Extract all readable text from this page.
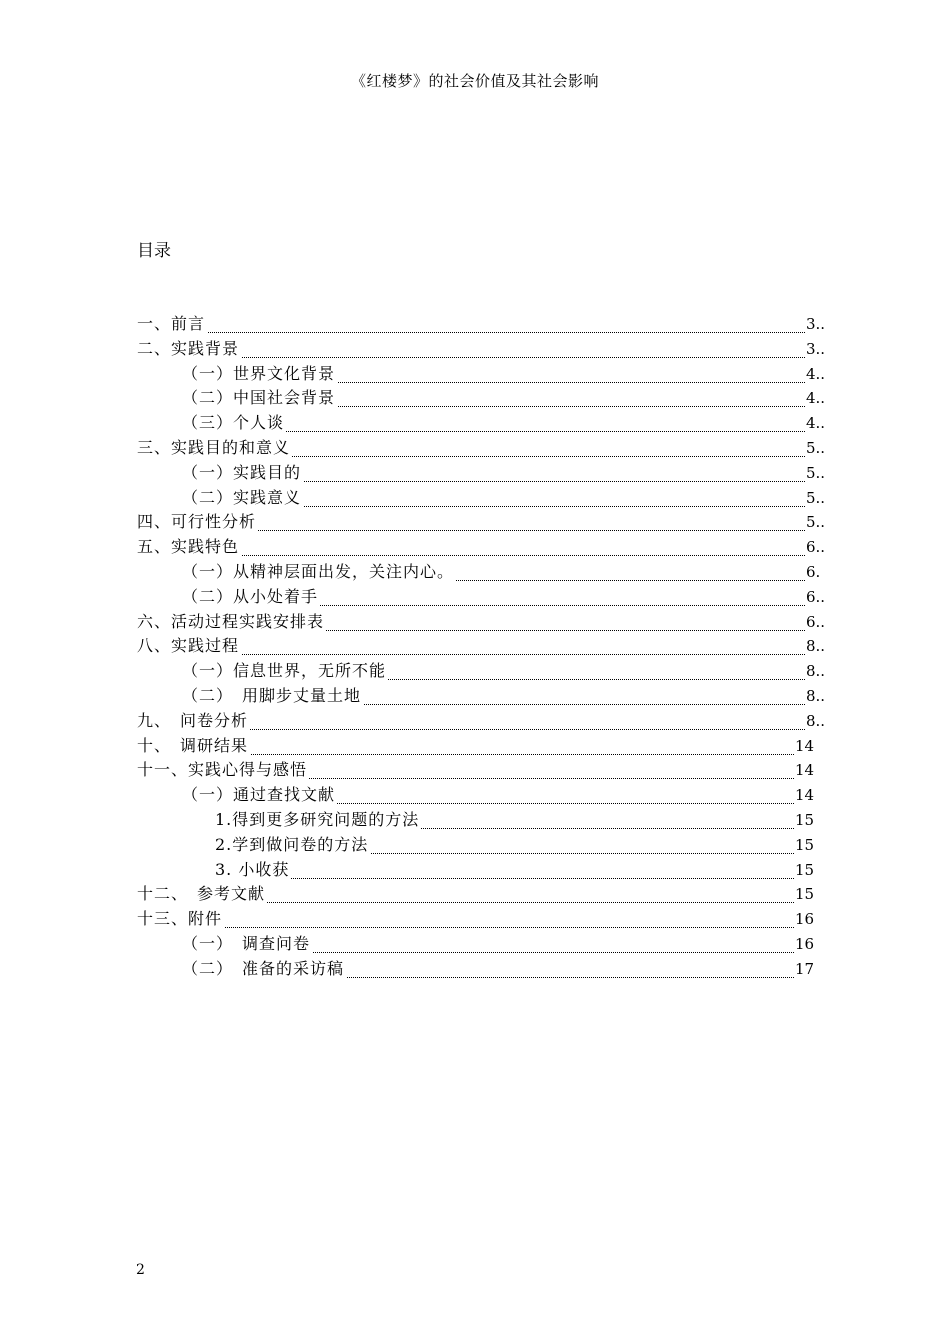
《红楼梦》的社会价值及其社会影响
目录
一、前言	3..
二、实践背景	3..
（一）世界文化背景	4..
（二）中国社会背景	4..
（三）个人谈	4..
三、实践目的和意义	5..
（一）实践目的	5..
（二）实践意义	5..
四、可行性分析	5..
五、实践特色	6..
（一）从精神层面出发，关注内心。	6.
（二）从小处着手	6..
六、活动过程实践安排表	6..
八、实践过程	8..
（一）信息世界，无所不能	8..
（二）　用脚步丈量土地	8..
九、　问卷分析	8..
十、　调研结果	14
十一、实践心得与感悟	14
（一）通过查找文献	14
1.得到更多研究问题的方法	15
2.学到做问卷的方法	15
3. 小收获	15
十二、　参考文献	15
十三、附件	16
（一）　调查问卷	16
（二）　准备的采访稿	17
2
